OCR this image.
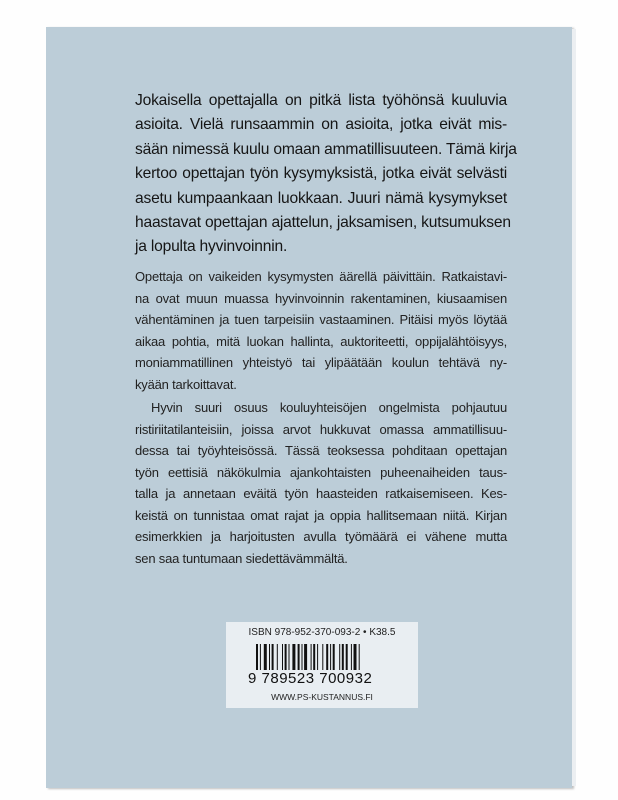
Jokaisella opettajalla on pitkä lista työhönsä kuuluvia
asioita. Vielä runsaammin on asioita, jotka eivät mis-
sään nimessä kuulu omaan ammatillisuuteen. Tämä kirja
kertoo opettajan työn kysymyksistä, jotka eivät selvästi
asetu kumpaankaan luokkaan. Juuri nämä kysymykset
haastavat opettajan ajattelun, jaksamisen, kutsumuksen
ja lopulta hyvinvoinnin.
Opettaja on vaikeiden kysymysten äärellä päivittäin. Ratkaistavi-
na ovat muun muassa hyvinvoinnin rakentaminen, kiusaamisen
vähentäminen ja tuen tarpeisiin vastaaminen. Pitäisi myös löytää
aikaa pohtia, mitä luokan hallinta, auktoriteetti, oppijalähtöisyys,
moniammatillinen yhteistyö tai ylipäätään koulun tehtävä ny-
kyään tarkoittavat.
Hyvin suuri osuus kouluyhteisöjen ongelmista pohjautuu
ristiriitatilanteisiin, joissa arvot hukkuvat omassa ammatillisuu-
dessa tai työyhteisössä. Tässä teoksessa pohditaan opettajan
työn eettisiä näkökulmia ajankohtaisten puheenaiheiden taus-
talla ja annetaan eväitä työn haasteiden ratkaisemiseen. Kes-
keistä on tunnistaa omat rajat ja oppia hallitsemaan niitä. Kirjan
esimerkkien ja harjoitusten avulla työmäärä ei vähene mutta
sen saa tuntumaan siedettävämmältä.
ISBN 978-952-370-093-2 • K38.5
9 789523 700932
WWW.PS-KUSTANNUS.FI
